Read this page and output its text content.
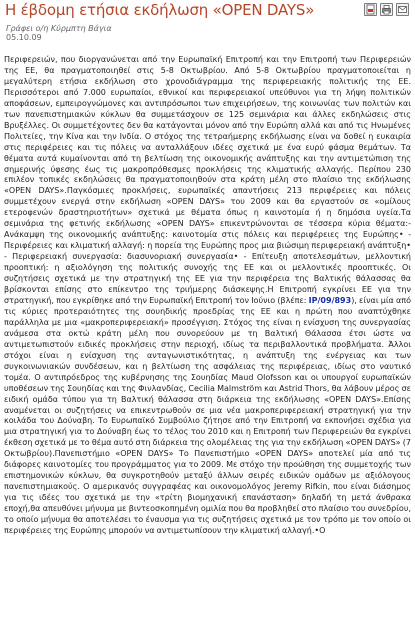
Η έβδομη ετήσια εκδήλωση «OPEN DAYS»
Γράφει ο/η Κύρμπτη Βάγια
05.10.09

Περιφερειών, που διοργανώνεται από την Ευρωπαϊκή Επιτροπή και την Επιτροπή των Περιφερειών της ΕΕ, θα πραγματοποιηθεί στις 5-8 Οκτωβρίου. Από 5-8 Οκτωβρίου πραγματοποιείται η μεγαλύτερη ετήσια εκδήλωση στο χρονοδιάγραμμα της περιφερειακής πολιτικής της ΕΕ. Περισσότεροι από 7.000 ευρωπαίοι, εθνικοί και περιφερειακοί υπεύθυνοι για τη λήψη πολιτικών αποφάσεων, εμπειρογνώμονες και αντιπρόσωποι των επιχειρήσεων, της κοινωνίας των πολιτών και των πανεπιστημιακών κύκλων θα συμμετάσχουν σε 125 σεμινάρια και άλλες εκδηλώσεις στις Βρυξέλλες. Οι συμμετέχοντες δεν θα κατάγονται μόνον από την Ευρώπη αλλά και από τις Ηνωμένες Πολιτείες, την Κίνα και την Ινδία. Ο στόχος της τετραήμερης εκδήλωσης είναι να δοθεί η ευκαιρία στις περιφέρειες και τις πόλεις να ανταλλάξουν ιδέες σχετικά με ένα ευρύ φάσμα θεμάτων. Τα θέματα αυτά κυμαίνονται από τη βελτίωση της οικονομικής ανάπτυξης και την αντιμετώπιση της σημερινής ύφεσης έως τις μακροπρόθεσμες προκλήσεις της κλιματικής αλλαγής. Περίπου 230 επιλέον τοπικές εκδηλώσεις θα πραγματοποιηθούν στα κράτη μέλη στο πλαίσιο της εκδήλωσης «OPEN DAYS».Παγκόσμιες προκλήσεις, ευρωπαϊκές απαντήσεις 213 περιφέρειες και πόλεις συμμετέχουν ενεργά στην εκδήλωση «OPEN DAYS» του 2009 και θα εργαστούν σε «ομίλους ετεροφενών δραστηριοτήτων» σχετικά με θέματα όπως η καινοτομία ή η δημόσια υγεία.Τα σεμινάρια της φετινής εκδήλωσης «OPEN DAYS» επικεντρώνονται σε τέσσερα κύρια θέματα:- Ανάκαμψη της οικονομικής ανάπτυξης: καινοτομία στις πόλεις και περιφέρειες της Ευρώπης• - Περιφέρειες και κλιματική αλλαγή: η πορεία της Ευρώπης προς μια βιώσιμη περιφερειακή ανάπτυξη• - Περιφερειακή συνεργασία: διασυνοριακή συνεργασία• - Επίτευξη αποτελεσμάτων, μελλοντική προοπτική: η αξιολόγηση της πολιτικής συνοχής της ΕΕ και οι μελλοντικές προοπτικές. Οι συζητήσεις σχετικά με την στρατηγική της ΕΕ για την περιφέρεια της Βαλτικής θάλασσας θα βρίσκονται επίσης στο επίκεντρο της τριήμερης διάσκεψης.Η Επιτροπή εγκρίνει ΕΕ για την στρατηγική, που εγκρίθηκε από την Ευρωπαϊκή Επιτροπή τον Ιούνιο (βλέπε: IP/09/893), είναι μία από τις κύριες προτεραιότητες της σουηδικής προεδρίας της ΕΕ και η πρώτη που αναπτύχθηκε παράλληλα με μια «μακροπεριφερειακή» προσέγγιση. Στόχος της είναι η ενίσχυση της συνεργασίας ανάμεσα στα οκτώ κράτη μέλη που συνορεύουν με τη Βαλτική Θάλασσα έτσι ώστε να αντιμετωπιστούν ειδικές προκλήσεις στην περιοχή, ιδίως τα περιβαλλοντικά προβλήματα. Άλλοι στόχοι είναι η ενίσχυση της ανταγωνιστικότητας, η ανάπτυξη της ενέργειας και των συγκοινωνιακών συνδέσεων, και η βελτίωση της ασφάλειας της περιφέρειας, ιδίως στο ναυτικό τομέα. Ο αντιπρόεδρος της κυβέρνησης της Σουηδίας Maud Olofsson και οι υπουργοί ευρωπαϊκών υποθέσεων της Σουηδίας και της Φινλανδίας, Cecilia Malmström και Astrid Thors, θα λάβουν μέρος σε ειδική ομάδα τύπου για τη Βαλτική θάλασσα στη διάρκεια της εκδήλωσης «OPEN DAYS».Επίσης αναμένεται οι συζητήσεις να επικεντρωθούν σε μια νέα μακροπεριφερειακή στρατηγική για την κοιλάδα του Δούναβη. Το Ευρωπαϊκό Συμβούλιο ζήτησε από την Επιτροπή να εκπονήσει σχέδια για μια στρατηγική για το Δούναβη έως το τέλος του 2010 και η Επιτροπή των Περιφερειών θα εγκρίνει έκθεση σχετικά με το θέμα αυτό στη διάρκεια της ολομέλειας της για την εκδήλωση «OPEN DAYS» (7 Οκτωβρίου).Πανεπιστήμιο «OPEN DAYS» Το Πανεπιστήμιο «OPEN DAYS» αποτελεί μία από τις διάφορες καινοτομίες του προγράμματος για το 2009. Με στόχο την προώθηση της συμμετοχής των επιστημονικών κύκλων, θα συγκροτηθούν μεταξύ άλλων σειρές ειδικών ομάδων με αξιόλογους πανεπιστημιακούς. Ο αμερικανός συγγραφέας και οικονομολόγος Jeremy Rifkin, που είναι διάσημος για τις ιδέες του σχετικά με την «τρίτη βιομηχανική επανάσταση» δηλαδή τη μετά άνθρακα εποχή,θα απευθύνει μήνυμα με βιντεοσκοπημένη ομιλία που θα προβληθεί στο πλαίσιο του συνεδρίου, το οποίο μήνυμα θα αποτελέσει το έναυσμα για τις συζητήσεις σχετικά με τον τρόπο με τον οποίο οι περιφέρειες της Ευρώπης μπορούν να αντιμετωπίσουν την κλιματική αλλαγή.•O
